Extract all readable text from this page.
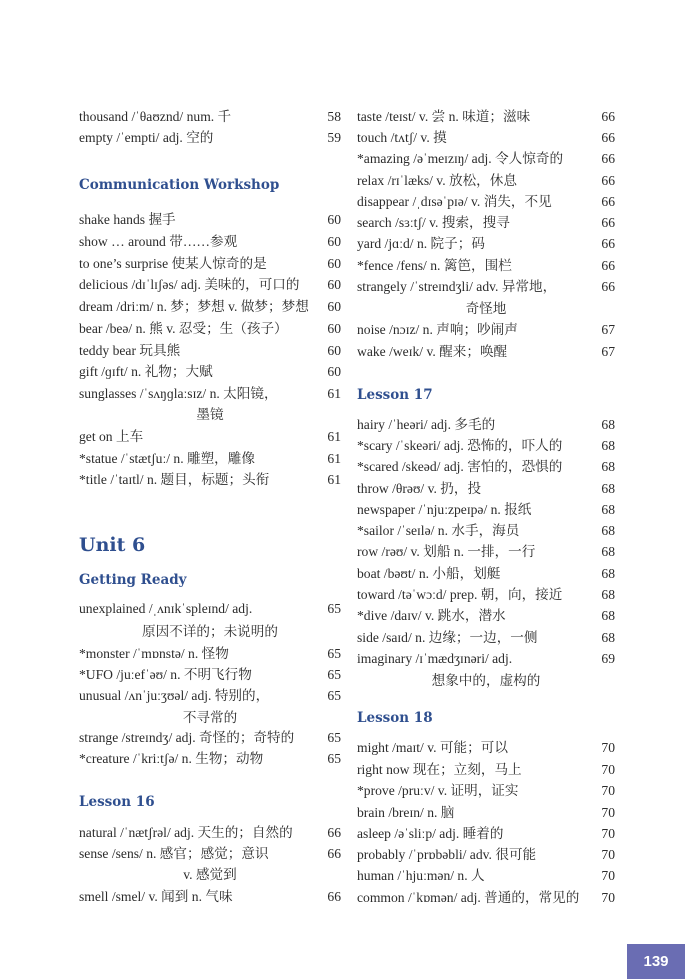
thousand /ˈθaʊznd/ num. 千	58
empty /ˈempti/ adj. 空的	59
Communication Workshop
shake hands 握手	60
show … around 带……参观	60
to one’s surprise 使某人惊奇的是	60
delicious /dɪˈlɪʃəs/ adj. 美味的，可口的 60
dream /driːm/ n. 梦；梦想 v. 做梦；梦想 60
bear /beə/ n. 熊 v. 忍受；生（孩子）	60
teddy bear 玩具熊	60
gift /ɡɪft/ n. 礼物；大赋	60
sunglasses /ˈsʌŋɡlaːsɪz/ n. 太阳镜，	61
墨镜
get on 上车	61
*statue /ˈstætʃuː/ n. 雕塑，雕像	61
*title /ˈtaɪtl/ n. 题目，标题；头衔	61
Unit 6
Getting Ready
unexplained /ˌʌnɪkˈspleɪnd/ adj.	65
原因不详的；未说明的
*monster /ˈmɒnstə/ n. 怪物	65
*UFO /juːefˈəʊ/ n. 不明飞行物	65
unusual /ʌnˈjuːʒʊəl/ adj. 特别的，	65
不寻常的
strange /streɪndʒ/ adj. 奇怪的；奇特的 65
*creature /ˈkriːtʃə/ n. 生物；动物	65
Lesson 16
natural /ˈnætʃrəl/ adj. 天生的；自然的	66
sense /sens/ n. 感官；感觉；意识	66
v. 感觉到
smell /smel/ v. 闻到 n. 气味	66
taste /teɪst/ v. 尝 n. 味道；滋味	66
touch /tʌtʃ/ v. 摸	66
*amazing /əˈmeɪzɪŋ/ adj. 令人惊奇的	66
relax /rɪˈlæks/ v. 放松，休息	66
disappear /ˌdɪsəˈpɪə/ v. 消失，不见	66
search /sɜːtʃ/ v. 搜索，搜寻	66
yard /jɑːd/ n. 院子；码	66
*fence /fens/ n. 篱笆，围栏	66
strangely /ˈstreɪndʒli/ adv. 异常地，	66
奇怪地
noise /nɔɪz/ n. 声响；吵闹声	67
wake /weɪk/ v. 醒来；唤醒	67
Lesson 17
hairy /ˈheəri/ adj. 多毛的	68
*scary /ˈskeəri/ adj. 恐怖的，吓人的	68
*scared /skeəd/ adj. 害怕的，恐惧的	68
throw /θrəʊ/ v. 扔，投	68
newspaper /ˈnjuːzpeɪpə/ n. 报纸	68
*sailor /ˈseɪlə/ n. 水手，海员	68
row /rəʊ/ v. 划船 n. 一排，一行	68
boat /bəʊt/ n. 小船，划艇	68
toward /təˈwɔːd/ prep. 朝，向，接近	68
*dive /daɪv/ v. 跳水，潜水	68
side /saɪd/ n. 边缘；一边，一侧	68
imaginary /ɪˈmædʒɪnəri/ adj.	69
想象中的，虚构的
Lesson 18
might /maɪt/ v. 可能；可以	70
right now 现在；立刻，马上	70
*prove /pruːv/ v. 证明，证实	70
brain /breɪn/ n. 脑	70
asleep /əˈsliːp/ adj. 睡着的	70
probably /ˈprɒbəbli/ adv. 很可能	70
human /ˈhjuːmən/ n. 人	70
common /ˈkɒmən/ adj. 普通的，常见的 70
139
